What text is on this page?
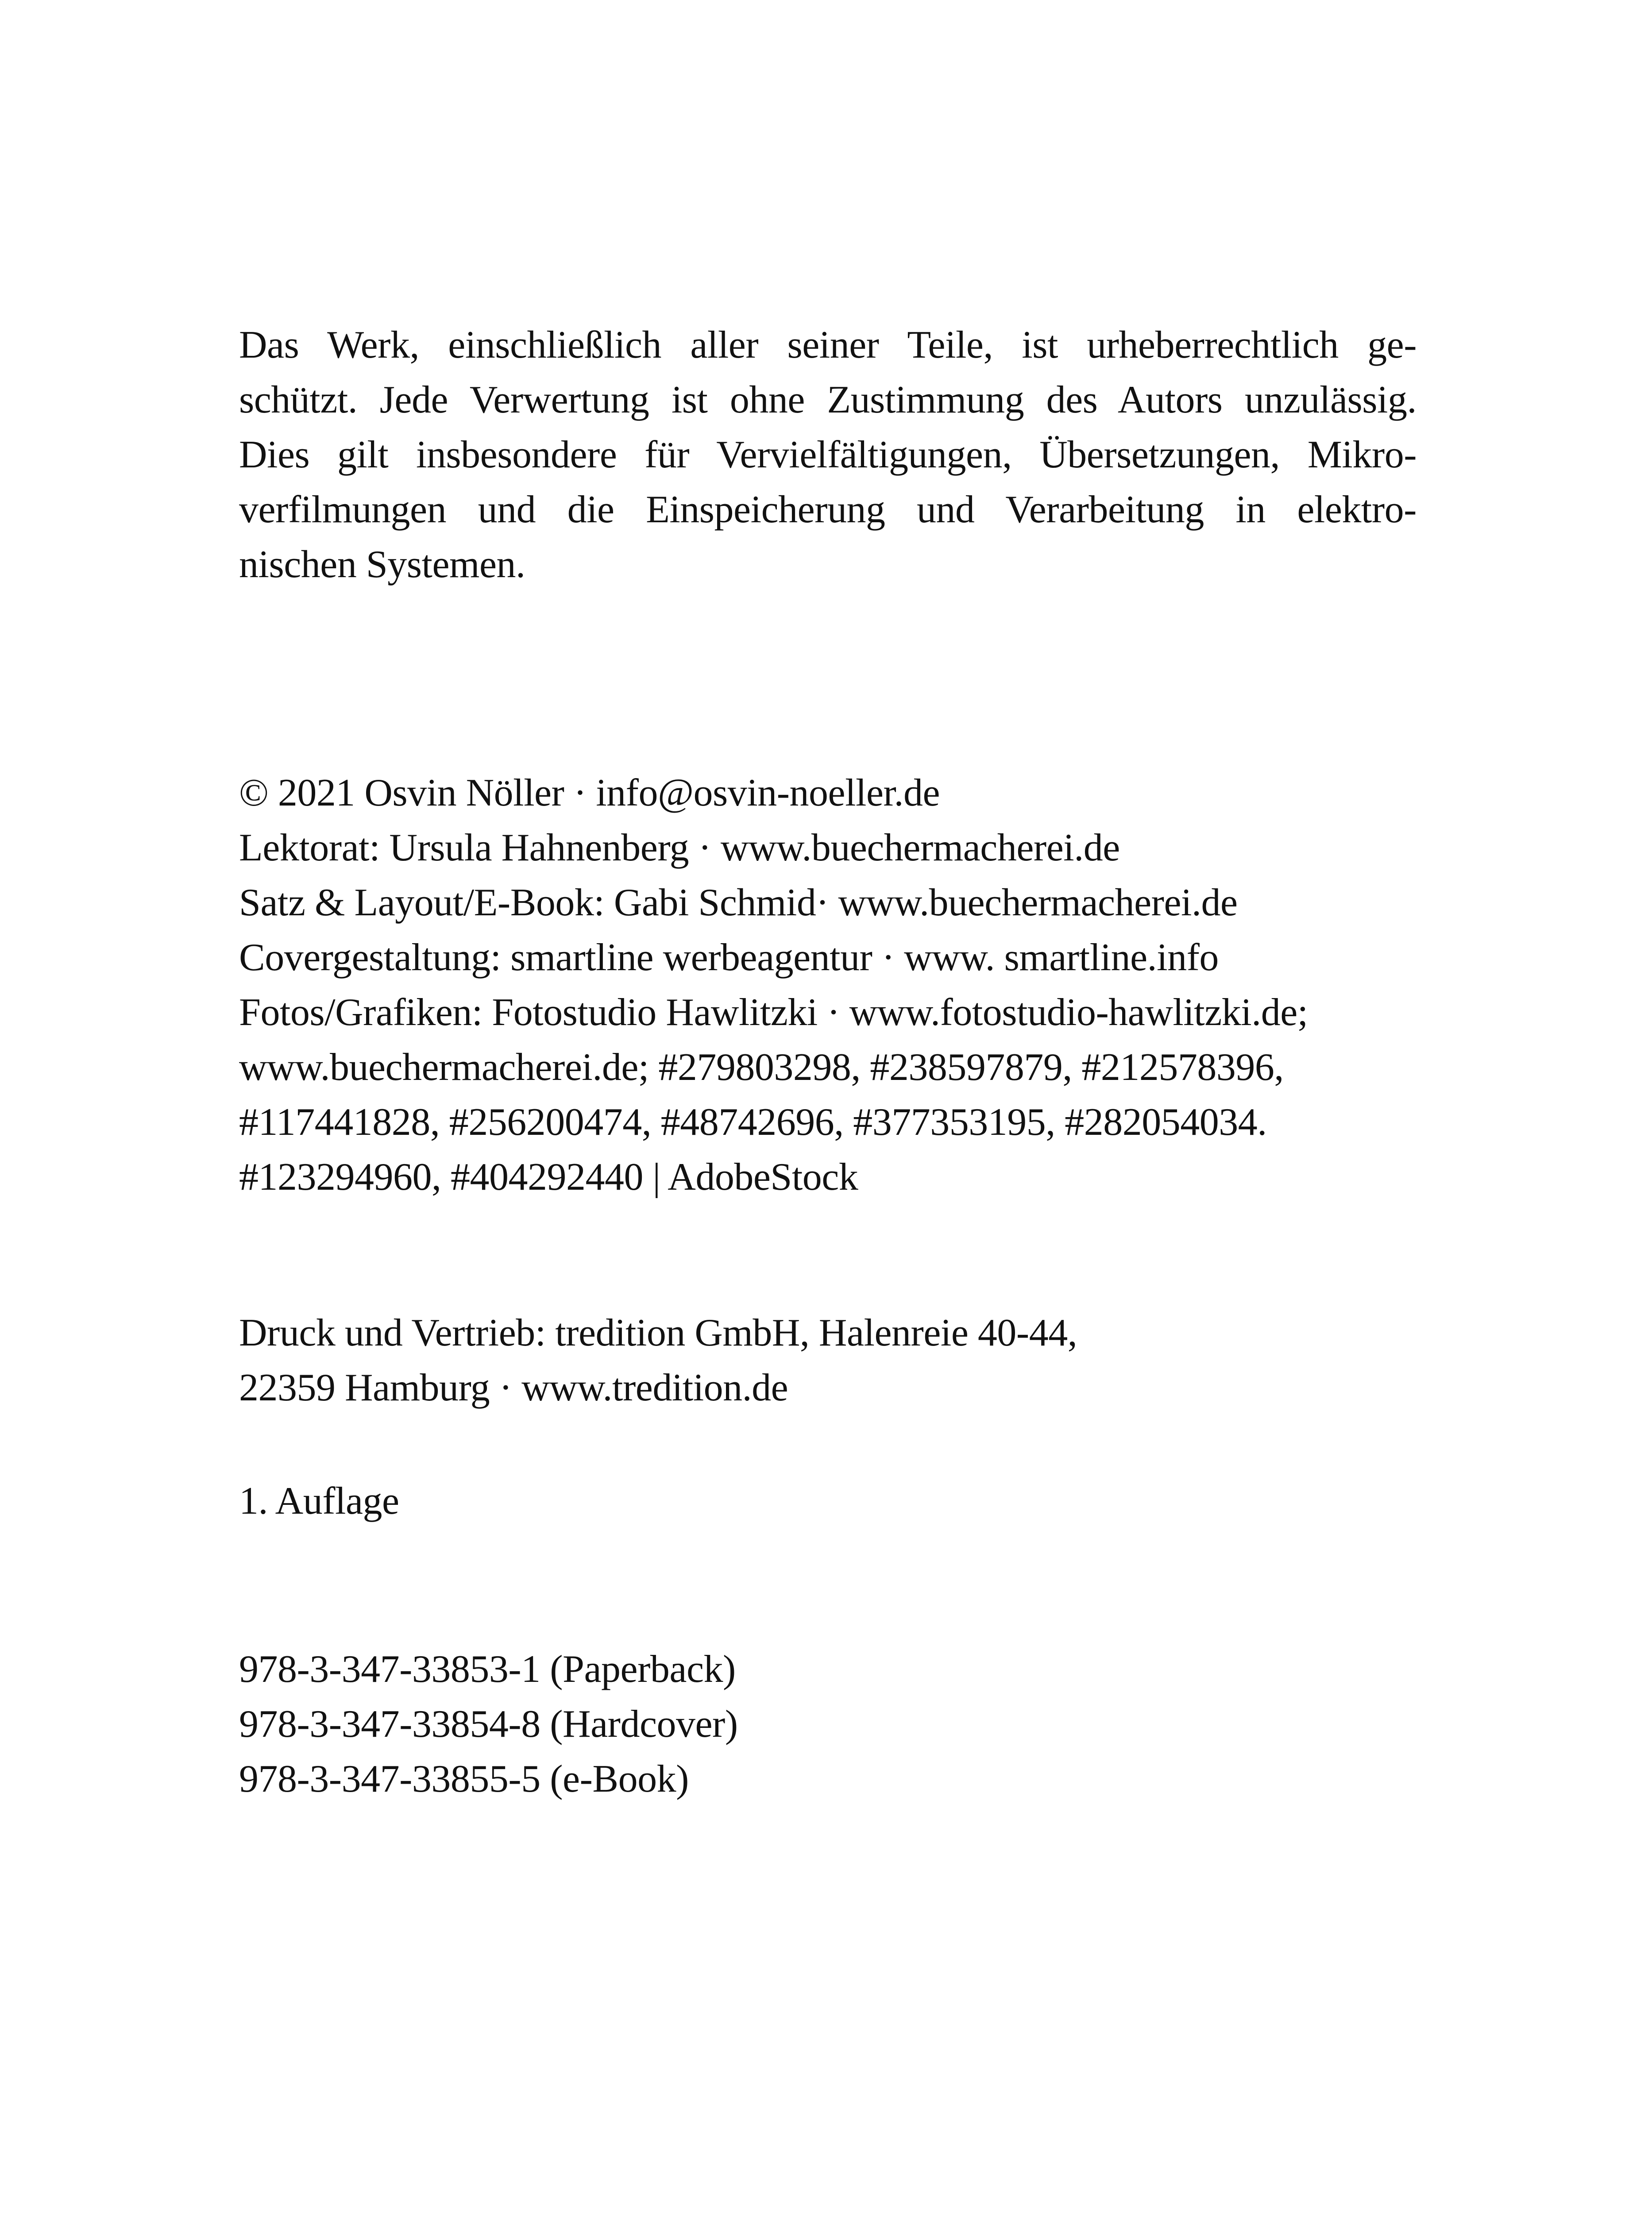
Das Werk, einschließlich aller seiner Teile, ist urheberrechtlich ge-
schützt. Jede Verwertung ist ohne Zustimmung des Autors unzulässig.
Dies gilt insbesondere für Vervielfältigungen, Übersetzungen, Mikro-
verfilmungen und die Einspeicherung und Verarbeitung in elektro-
nischen Systemen.
© 2021 Osvin Nöller · info@osvin-noeller.de
Lektorat: Ursula Hahnenberg · www.buechermacherei.de
Satz & Layout/E-Book: Gabi Schmid· www.buechermacherei.de
Covergestaltung: smartline werbeagentur · www. smartline.info
Fotos/Grafiken: Fotostudio Hawlitzki · www.fotostudio-hawlitzki.de;
www.buechermacherei.de; #279803298, #238597879, #212578396,
#117441828, #256200474, #48742696, #377353195, #282054034.
#123294960, #404292440 | AdobeStock
Druck und Vertrieb: tredition GmbH, Halenreie 40-44,
22359 Hamburg · www.tredition.de
1. Auflage
978-3-347-33853-1 (Paperback)
978-3-347-33854-8 (Hardcover)
978-3-347-33855-5 (e-Book)
